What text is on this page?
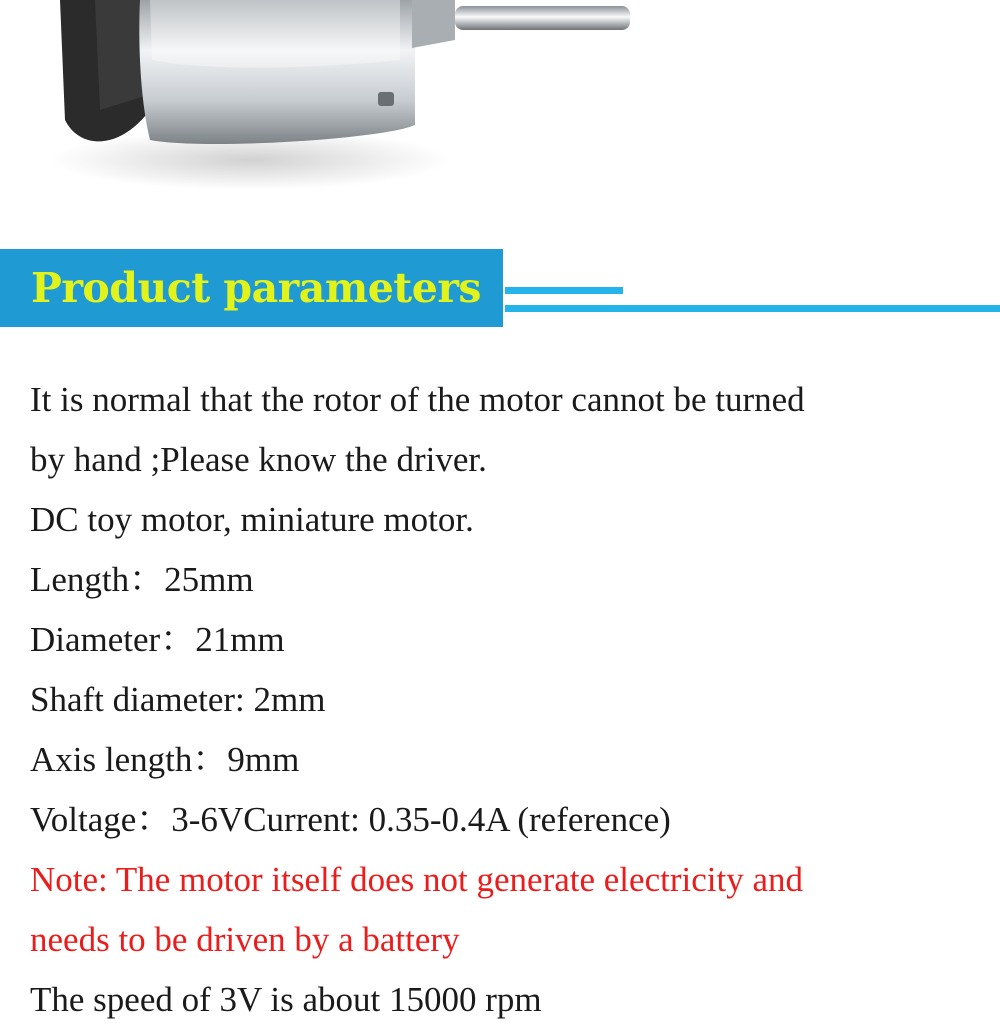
Product parameters
It is normal that the rotor of the motor cannot be turned
by hand ;Please know the driver.
DC toy motor, miniature motor.
Length：25mm
Diameter：21mm
Shaft diameter: 2mm
Axis length：9mm
Voltage：3-6VCurrent: 0.35-0.4A (reference)
Note: The motor itself does not generate electricity and
needs to be driven by a battery
The speed of 3V is about 15000 rpm
